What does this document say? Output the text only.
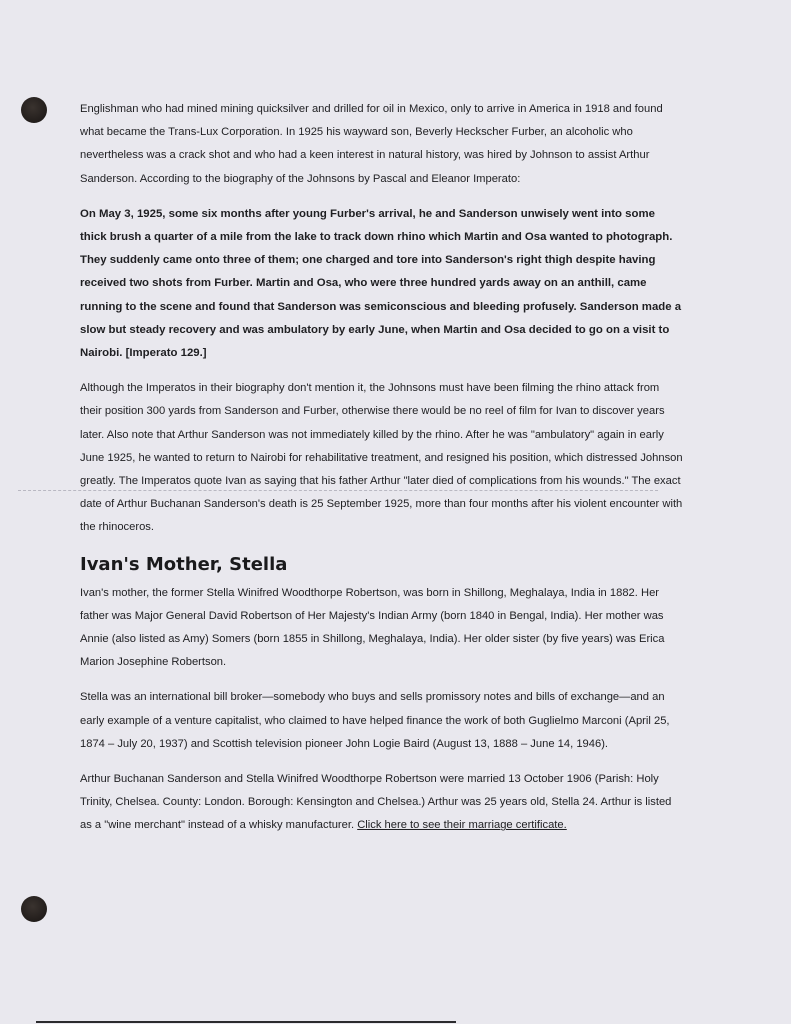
Englishman who had mined mining quicksilver and drilled for oil in Mexico, only to arrive in America in 1918 and found what became the Trans-Lux Corporation. In 1925 his wayward son, Beverly Heckscher Furber, an alcoholic who nevertheless was a crack shot and who had a keen interest in natural history, was hired by Johnson to assist Arthur Sanderson. According to the biography of the Johnsons by Pascal and Eleanor Imperato:

On May 3, 1925, some six months after young Furber's arrival, he and Sanderson unwisely went into some thick brush a quarter of a mile from the lake to track down rhino which Martin and Osa wanted to photograph. They suddenly came onto three of them; one charged and tore into Sanderson's right thigh despite having received two shots from Furber. Martin and Osa, who were three hundred yards away on an anthill, came running to the scene and found that Sanderson was semiconscious and bleeding profusely. Sanderson made a slow but steady recovery and was ambulatory by early June, when Martin and Osa decided to go on a visit to Nairobi. [Imperato 129.]

Although the Imperatos in their biography don't mention it, the Johnsons must have been filming the rhino attack from their position 300 yards from Sanderson and Furber, otherwise there would be no reel of film for Ivan to discover years later. Also note that Arthur Sanderson was not immediately killed by the rhino. After he was "ambulatory" again in early June 1925, he wanted to return to Nairobi for rehabilitative treatment, and resigned his position, which distressed Johnson greatly. The Imperatos quote Ivan as saying that his father Arthur "later died of complications from his wounds." The exact date of Arthur Buchanan Sanderson's death is 25 September 1925, more than four months after his violent encounter with the rhinoceros.

Ivan's Mother, Stella

Ivan's mother, the former Stella Winifred Woodthorpe Robertson, was born in Shillong, Meghalaya, India in 1882. Her father was Major General David Robertson of Her Majesty's Indian Army (born 1840 in Bengal, India). Her mother was Annie (also listed as Amy) Somers (born 1855 in Shillong, Meghalaya, India). Her older sister (by five years) was Erica Marion Josephine Robertson.

Stella was an international bill broker—somebody who buys and sells promissory notes and bills of exchange—and an early example of a venture capitalist, who claimed to have helped finance the work of both Guglielmo Marconi (April 25, 1874 – July 20, 1937) and Scottish television pioneer John Logie Baird (August 13, 1888 – June 14, 1946).

Arthur Buchanan Sanderson and Stella Winifred Woodthorpe Robertson were married 13 October 1906 (Parish: Holy Trinity, Chelsea. County: London. Borough: Kensington and Chelsea.) Arthur was 25 years old, Stella 24. Arthur is listed as a "wine merchant" instead of a whisky manufacturer. Click here to see their marriage certificate.
